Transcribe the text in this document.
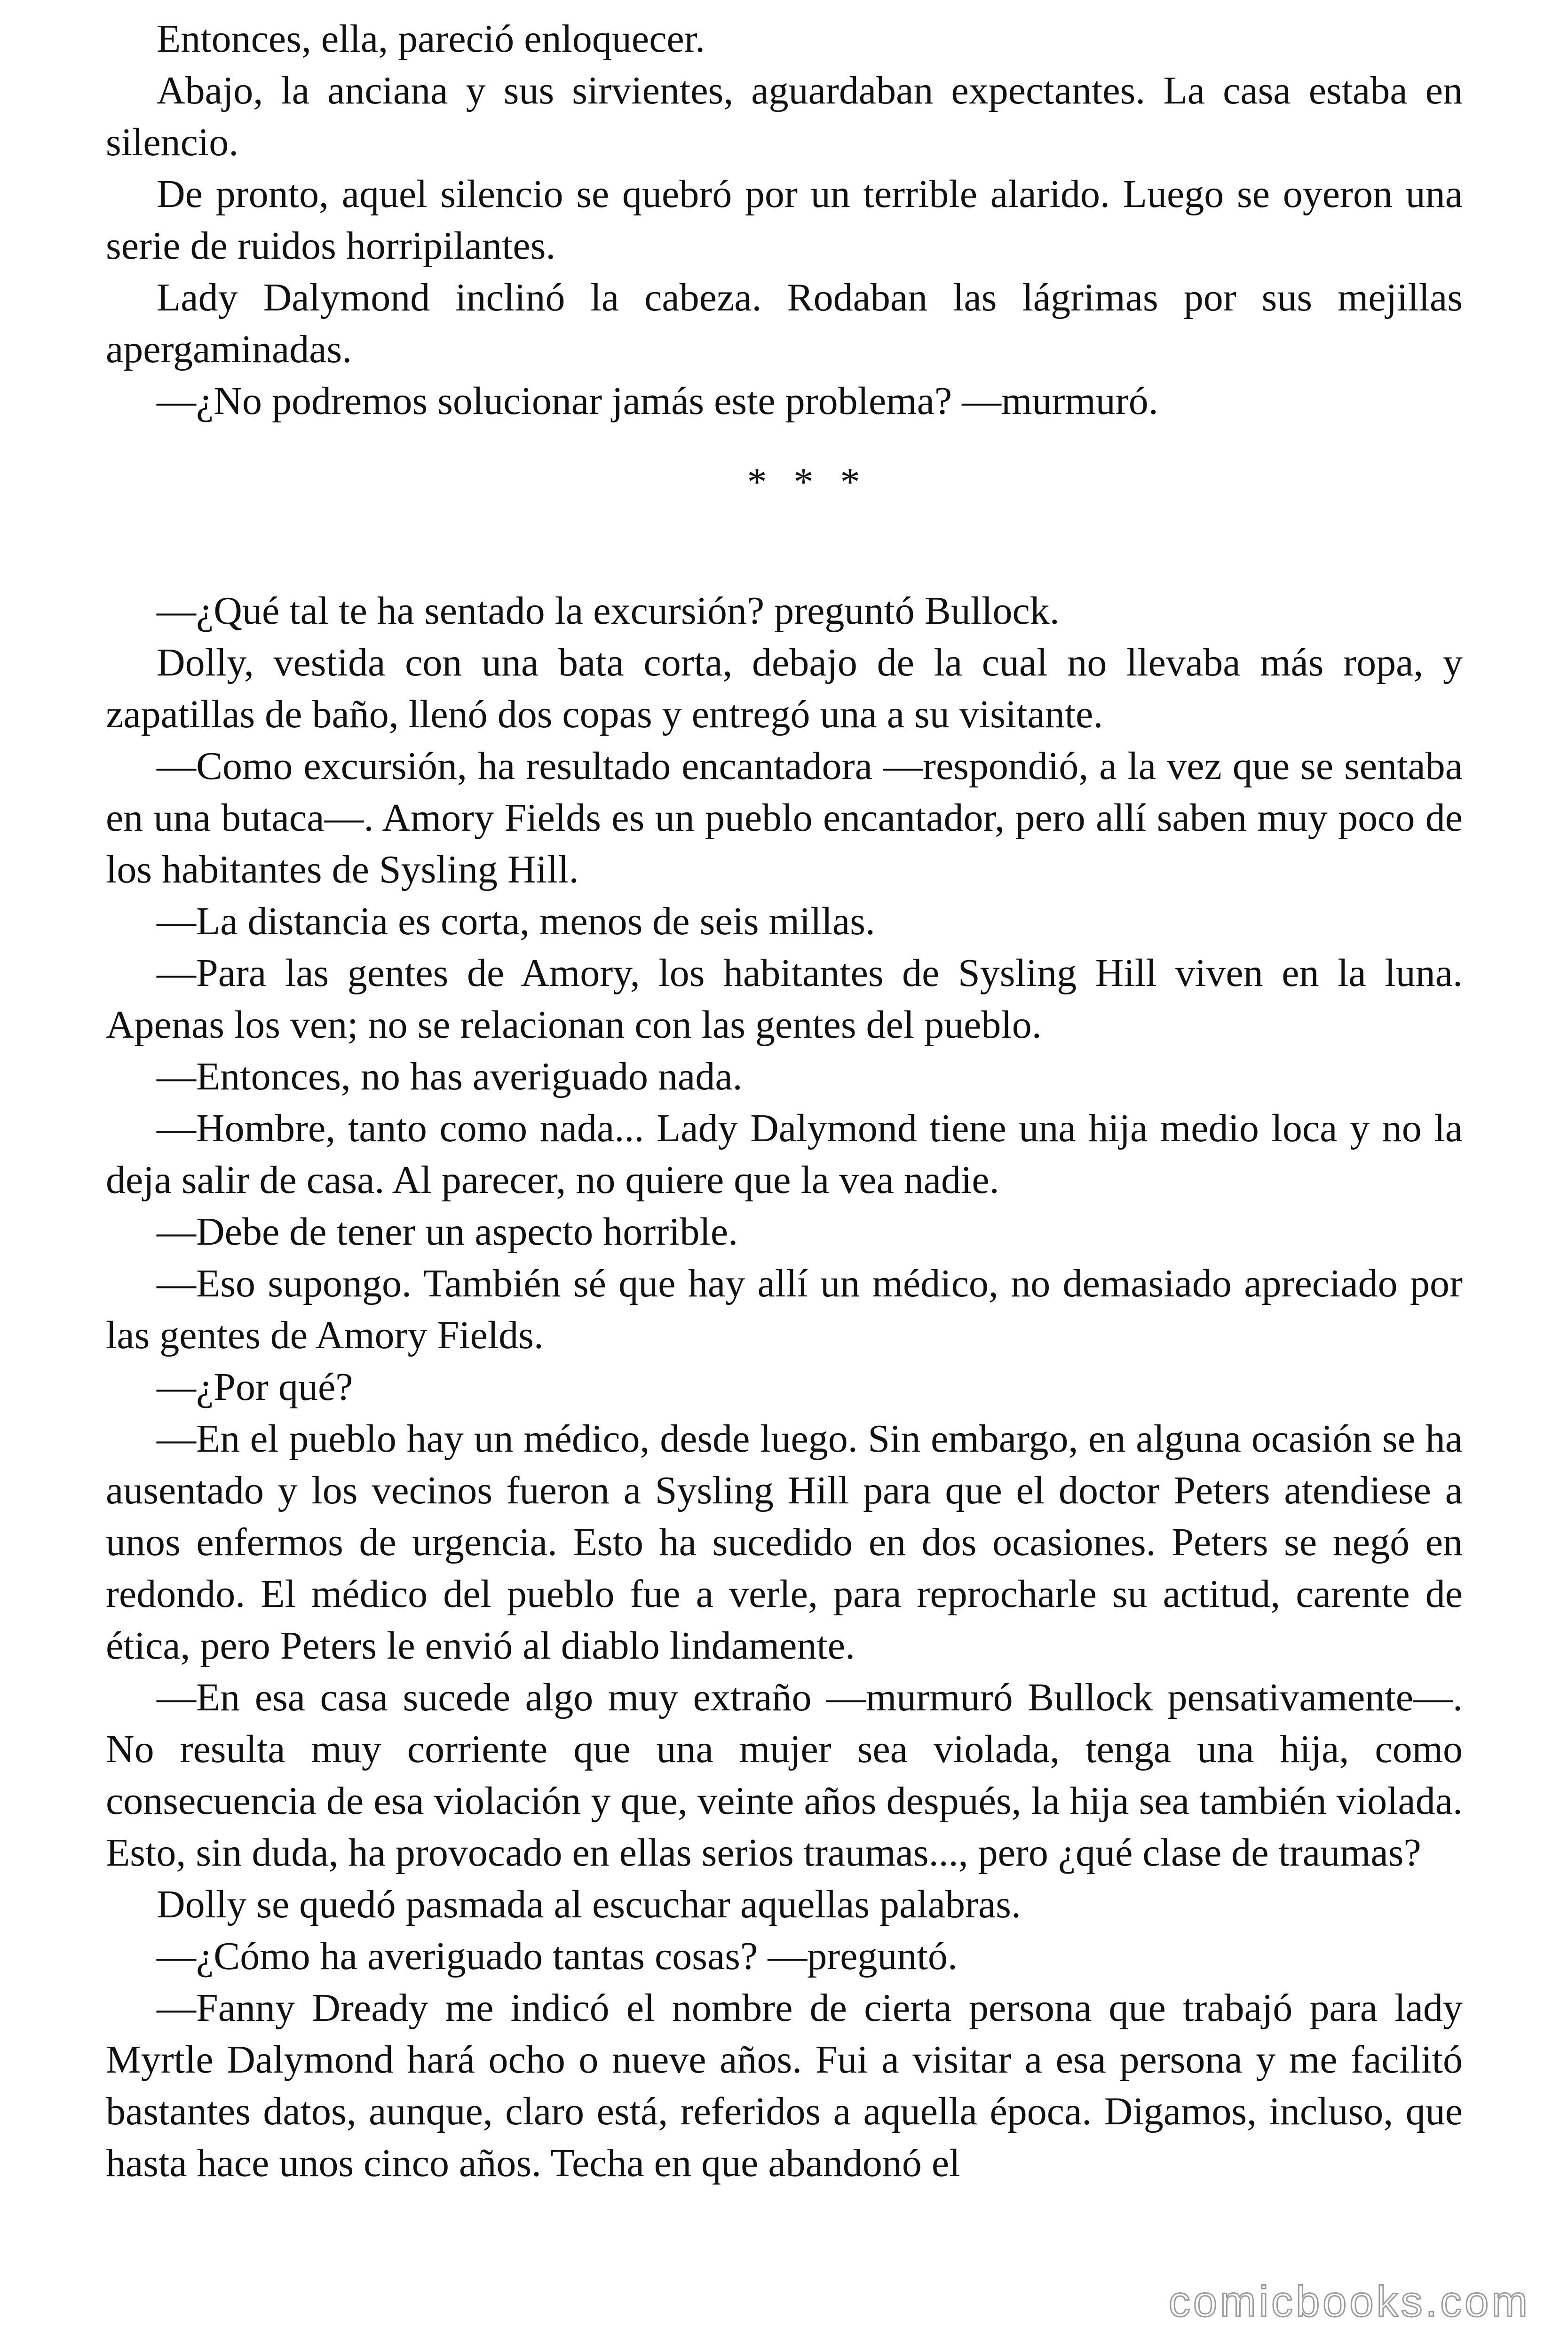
Entonces, ella, pareció enloquecer.

Abajo, la anciana y sus sirvientes, aguardaban expectantes. La casa estaba en silencio.

De pronto, aquel silencio se quebró por un terrible alarido. Luego se oyeron una serie de ruidos horripilantes.

Lady Dalymond inclinó la cabeza. Rodaban las lágrimas por sus mejillas apergaminadas.

—¿No podremos solucionar jamás este problema? —murmuró.

* * *

—¿Qué tal te ha sentado la excursión? preguntó Bullock.

Dolly, vestida con una bata corta, debajo de la cual no llevaba más ropa, y zapatillas de baño, llenó dos copas y entregó una a su visitante.

—Como excursión, ha resultado encantadora —respondió, a la vez que se sentaba en una butaca—. Amory Fields es un pueblo encantador, pero allí saben muy poco de los habitantes de Sysling Hill.

—La distancia es corta, menos de seis millas.

—Para las gentes de Amory, los habitantes de Sysling Hill viven en la luna. Apenas los ven; no se relacionan con las gentes del pueblo.

—Entonces, no has averiguado nada.

—Hombre, tanto como nada... Lady Dalymond tiene una hija medio loca y no la deja salir de casa. Al parecer, no quiere que la vea nadie.

—Debe de tener un aspecto horrible.

—Eso supongo. También sé que hay allí un médico, no demasiado apreciado por las gentes de Amory Fields.

—¿Por qué?

—En el pueblo hay un médico, desde luego. Sin embargo, en alguna ocasión se ha ausentado y los vecinos fueron a Sysling Hill para que el doctor Peters atendiese a unos enfermos de urgencia. Esto ha sucedido en dos ocasiones. Peters se negó en redondo. El médico del pueblo fue a verle, para reprocharle su actitud, carente de ética, pero Peters le envió al diablo lindamente.

—En esa casa sucede algo muy extraño —murmuró Bullock pensativamente—. No resulta muy corriente que una mujer sea violada, tenga una hija, como consecuencia de esa violación y que, veinte años después, la hija sea también violada. Esto, sin duda, ha provocado en ellas serios traumas..., pero ¿qué clase de traumas?

Dolly se quedó pasmada al escuchar aquellas palabras.

—¿Cómo ha averiguado tantas cosas? —preguntó.

—Fanny Dready me indicó el nombre de cierta persona que trabajó para lady Myrtle Dalymond hará ocho o nueve años. Fui a visitar a esa persona y me facilitó bastantes datos, aunque, claro está, referidos a aquella época. Digamos, incluso, que hasta hace unos cinco años. Techa en que abandonó el

comicbooks.com
